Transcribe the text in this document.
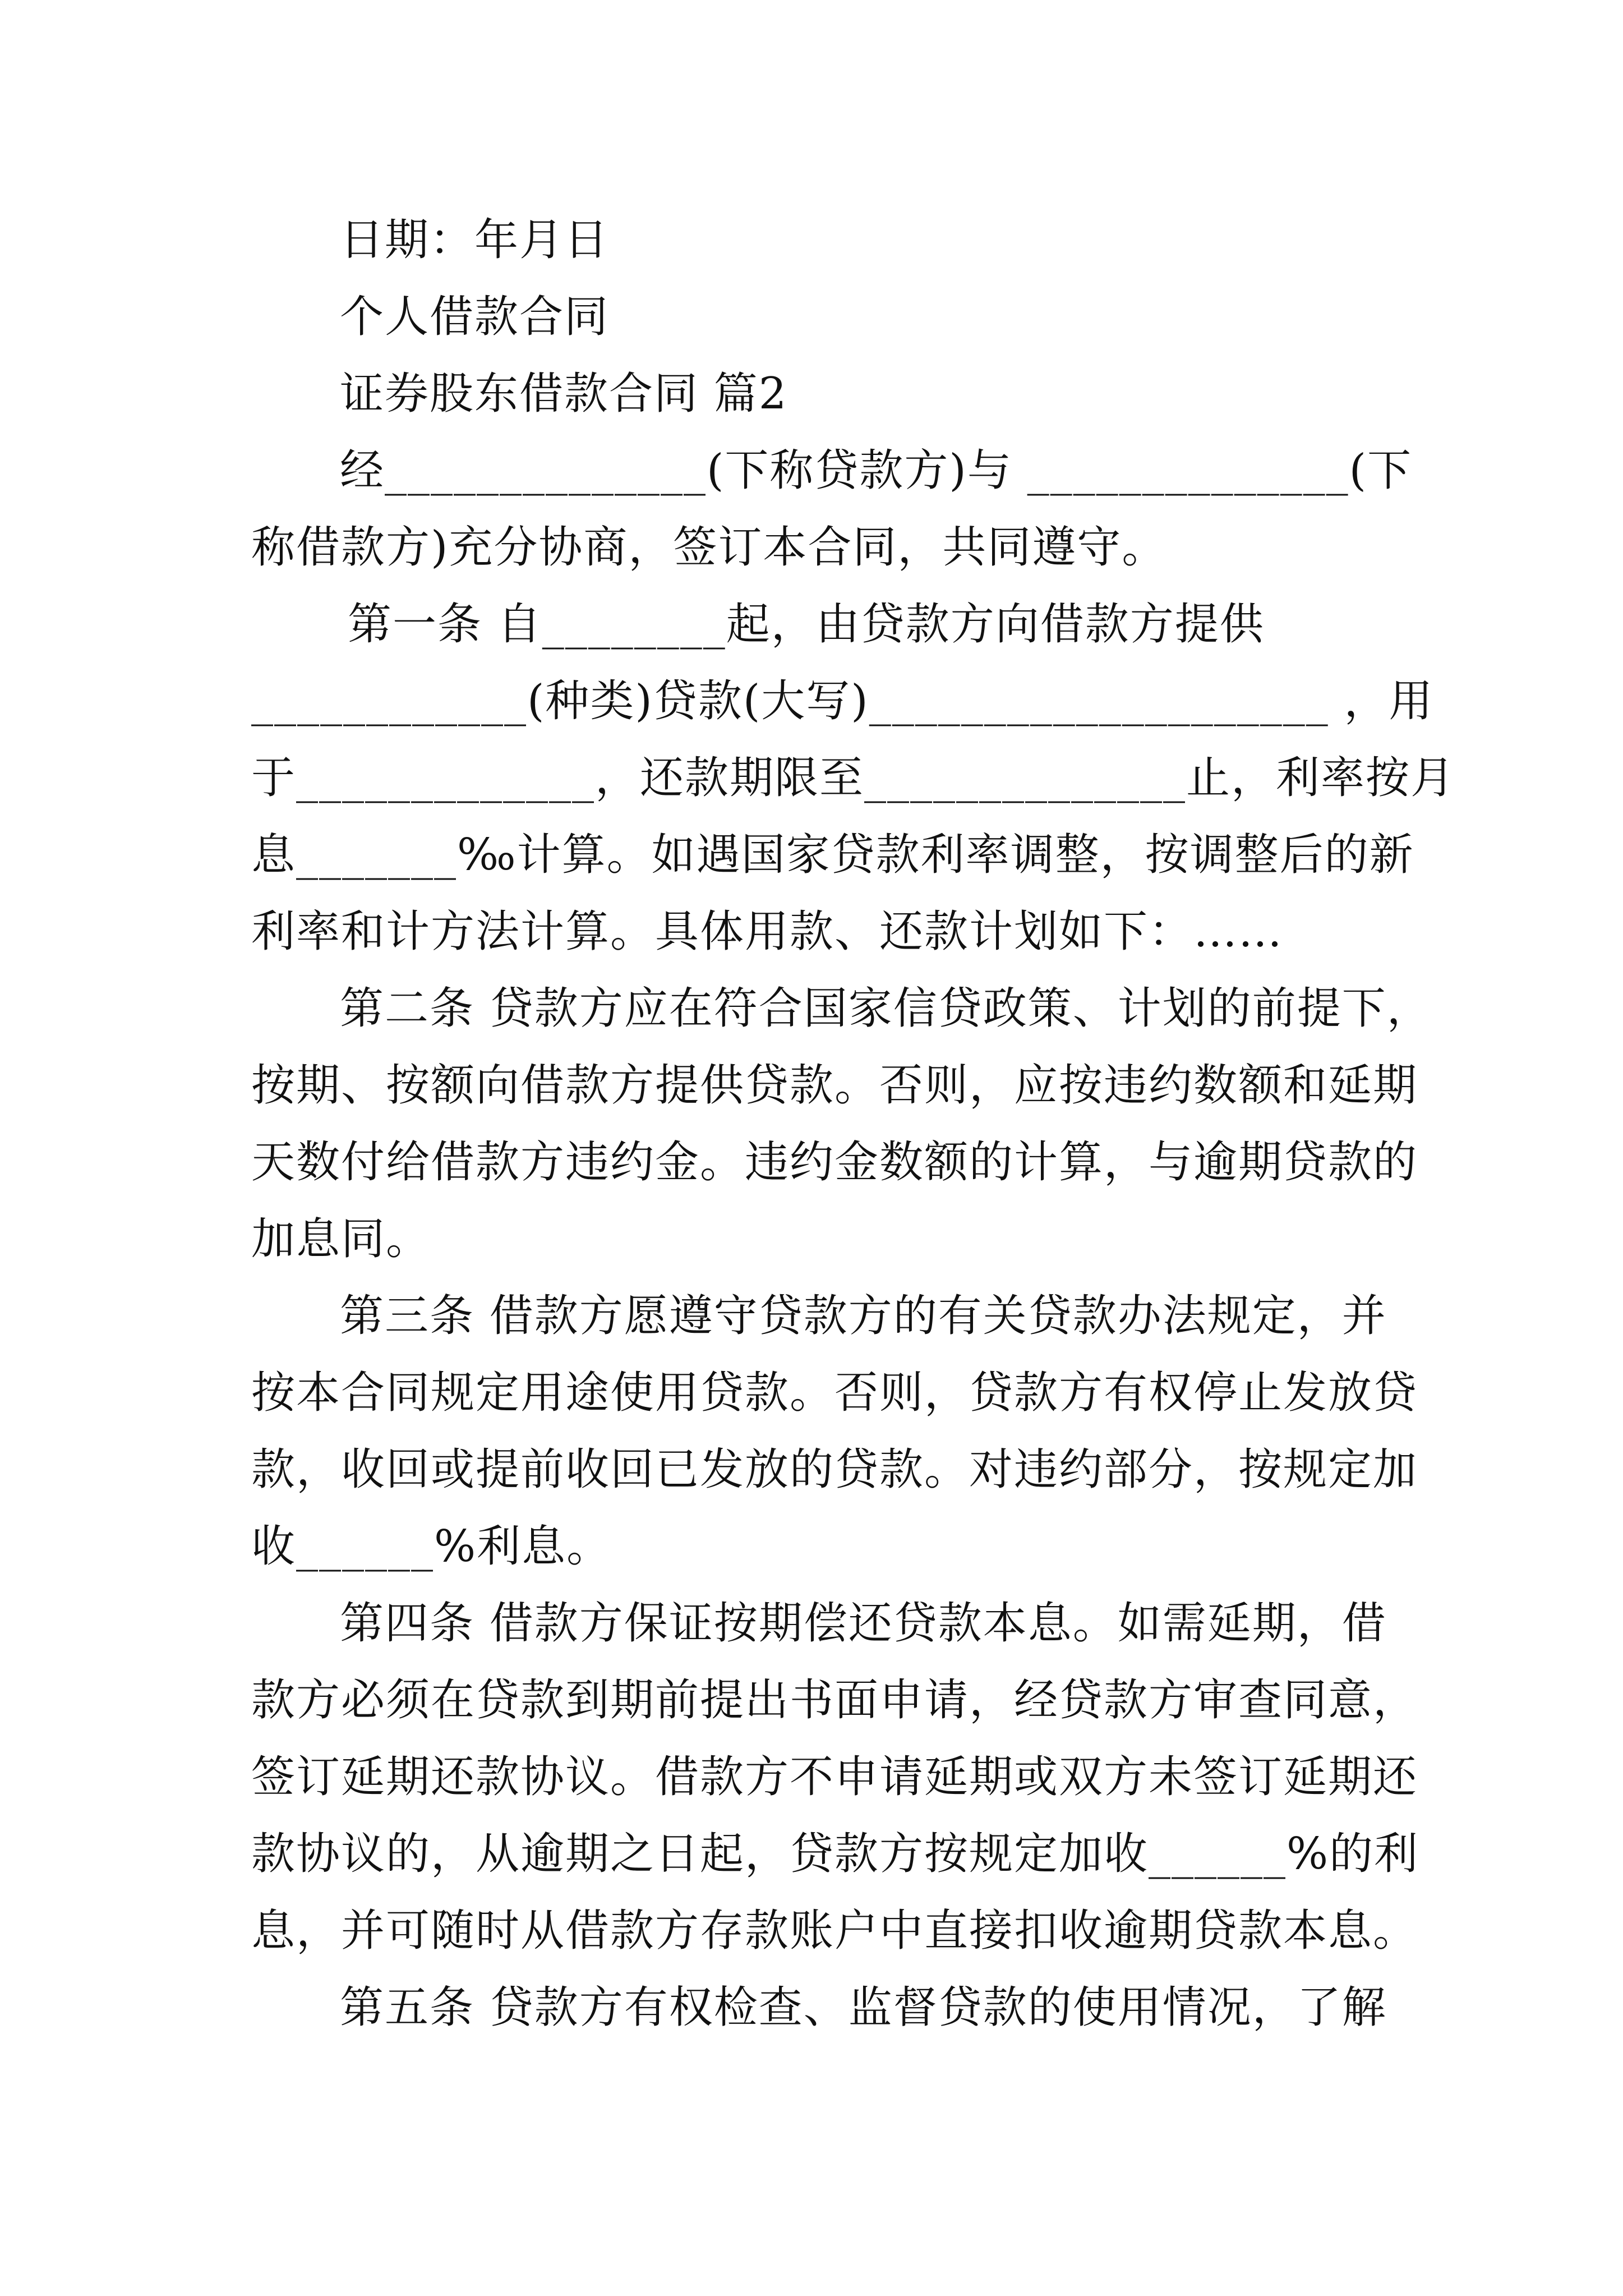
日期：年月日
个人借款合同
证券股东借款合同 篇2
经______________(下称贷款方)与 ______________(下
称借款方)充分协商，签订本合同，共同遵守。
第一条 自________起，由贷款方向借款方提供
____________(种类)贷款(大写)____________________ ，用
于_____________，还款期限至______________止，利率按月
息_______‰计算。如遇国家贷款利率调整，按调整后的新
利率和计方法计算。具体用款、还款计划如下：……
第二条 贷款方应在符合国家信贷政策、计划的前提下，
按期、按额向借款方提供贷款。否则，应按违约数额和延期
天数付给借款方违约金。违约金数额的计算，与逾期贷款的
加息同。
第三条 借款方愿遵守贷款方的有关贷款办法规定，并
按本合同规定用途使用贷款。否则，贷款方有权停止发放贷
款，收回或提前收回已发放的贷款。对违约部分，按规定加
收______%利息。
第四条 借款方保证按期偿还贷款本息。如需延期，借
款方必须在贷款到期前提出书面申请，经贷款方审查同意，
签订延期还款协议。借款方不申请延期或双方未签订延期还
款协议的，从逾期之日起，贷款方按规定加收______%的利
息，并可随时从借款方存款账户中直接扣收逾期贷款本息。
第五条 贷款方有权检查、监督贷款的使用情况，了解
